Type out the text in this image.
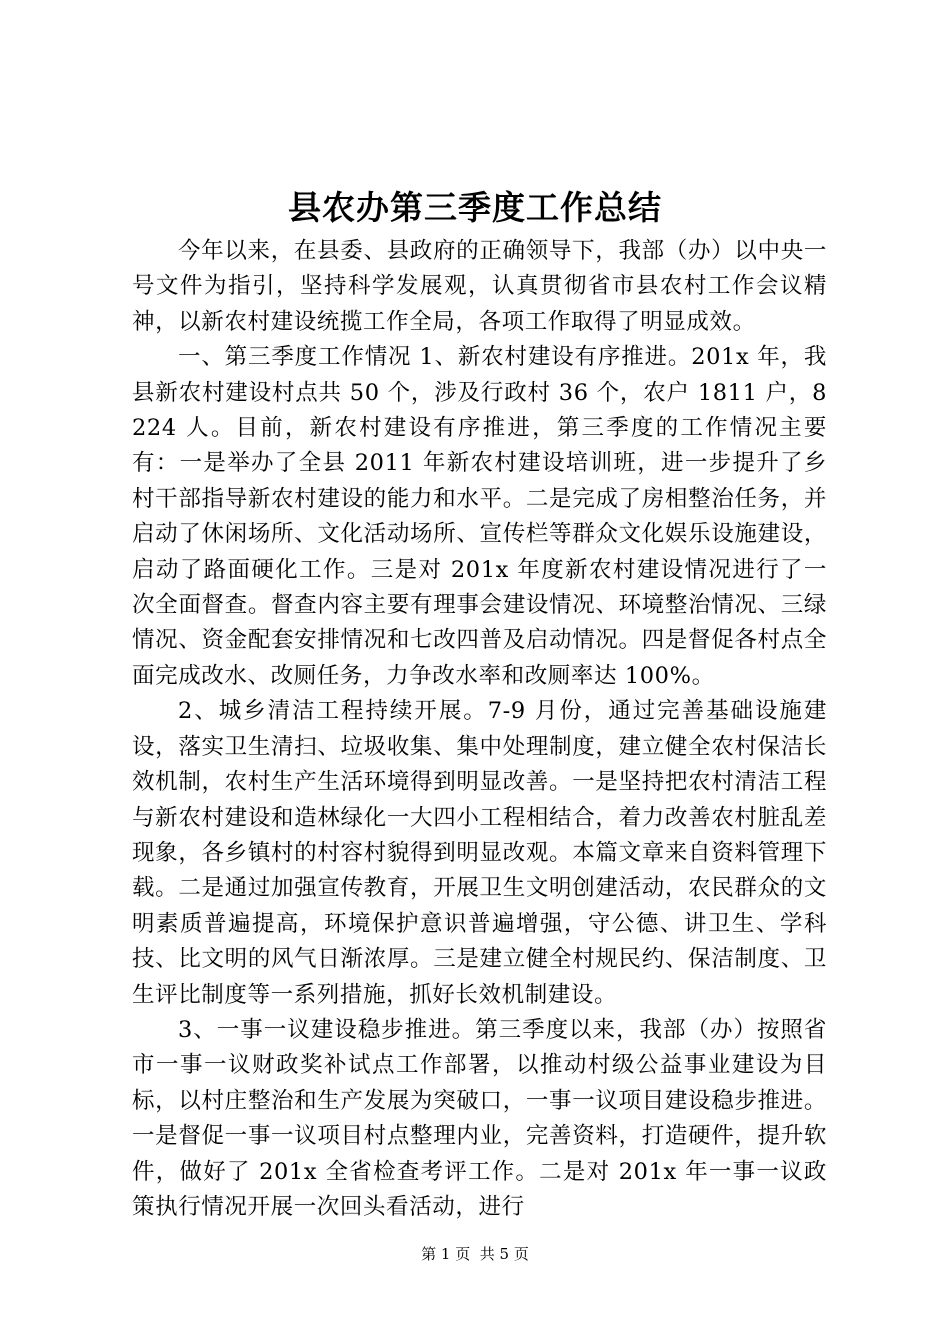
县农办第三季度工作总结

今年以来，在县委、县政府的正确领导下，我部（办）以中央一号文件为指引，坚持科学发展观，认真贯彻省市县农村工作会议精神，以新农村建设统揽工作全局，各项工作取得了明显成效。

一、第三季度工作情况 1、新农村建设有序推进。201x 年，我县新农村建设村点共 50 个，涉及行政村 36 个，农户 1811 户，8224 人。目前，新农村建设有序推进，第三季度的工作情况主要有：一是举办了全县 2011 年新农村建设培训班，进一步提升了乡村干部指导新农村建设的能力和水平。二是完成了房相整治任务，并启动了休闲场所、文化活动场所、宣传栏等群众文化娱乐设施建设，启动了路面硬化工作。三是对 201x 年度新农村建设情况进行了一次全面督查。督查内容主要有理事会建设情况、环境整治情况、三绿情况、资金配套安排情况和七改四普及启动情况。四是督促各村点全面完成改水、改厕任务，力争改水率和改厕率达 100%。

2、城乡清洁工程持续开展。7-9 月份，通过完善基础设施建设，落实卫生清扫、垃圾收集、集中处理制度，建立健全农村保洁长效机制，农村生产生活环境得到明显改善。一是坚持把农村清洁工程与新农村建设和造林绿化一大四小工程相结合，着力改善农村脏乱差现象，各乡镇村的村容村貌得到明显改观。本篇文章来自资料管理下载。二是通过加强宣传教育，开展卫生文明创建活动，农民群众的文明素质普遍提高，环境保护意识普遍增强，守公德、讲卫生、学科技、比文明的风气日渐浓厚。三是建立健全村规民约、保洁制度、卫生评比制度等一系列措施，抓好长效机制建设。

3、一事一议建设稳步推进。第三季度以来，我部（办）按照省市一事一议财政奖补试点工作部署，以推动村级公益事业建设为目标，以村庄整治和生产发展为突破口，一事一议项目建设稳步推进。一是督促一事一议项目村点整理内业，完善资料，打造硬件，提升软件，做好了 201x 全省检查考评工作。二是对 201x 年一事一议政策执行情况开展一次回头看活动，进行

第 1 页  共 5 页
